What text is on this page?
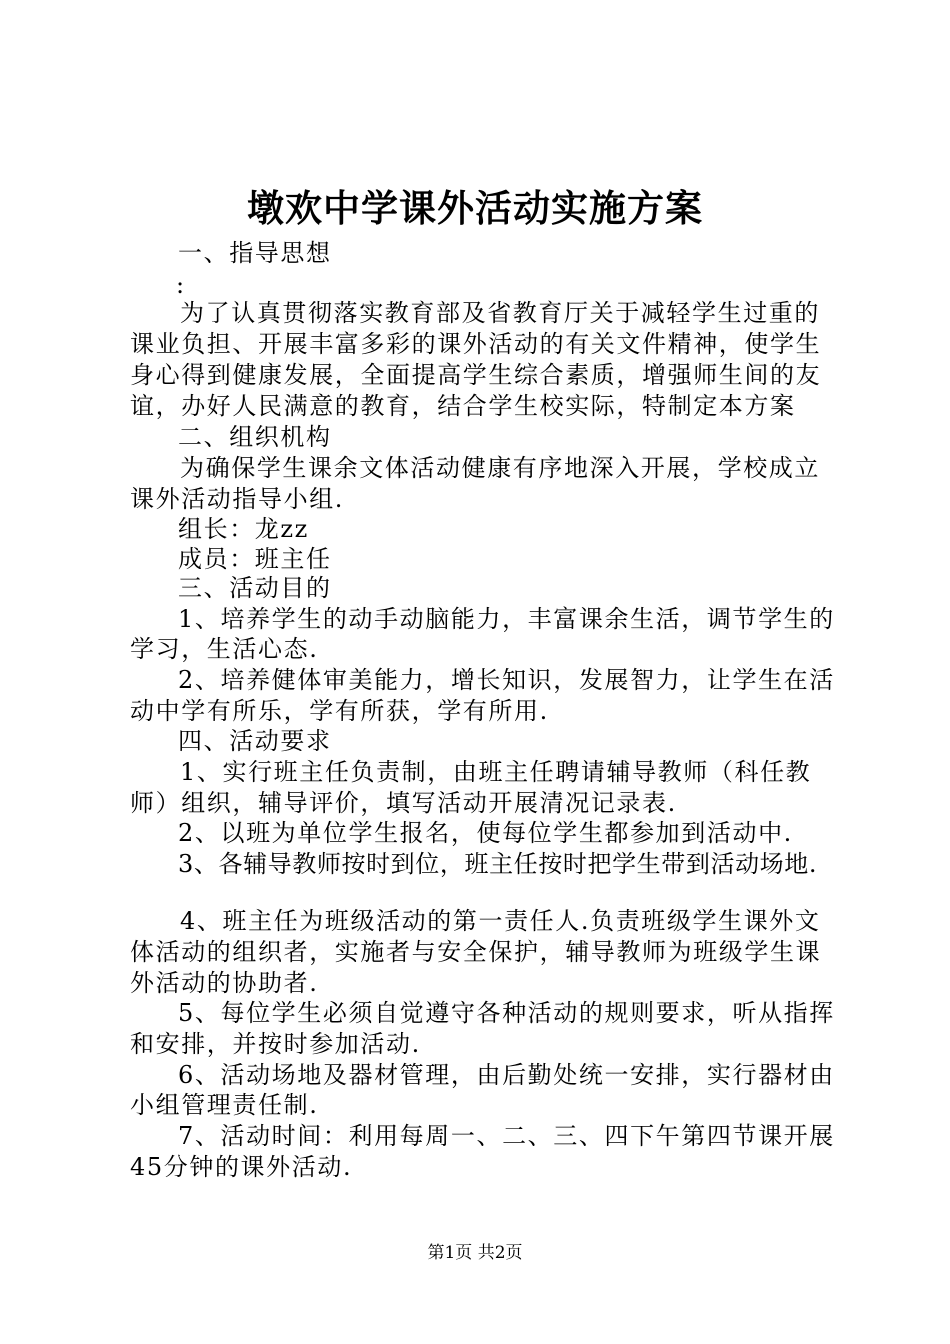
墩欢中学课外活动实施方案
一、指导思想
:
为了认真贯彻落实教育部及省教育厅关于减轻学生过重的
课业负担、开展丰富多彩的课外活动的有关文件精神，使学生
身心得到健康发展，全面提高学生综合素质，增强师生间的友
谊，办好人民满意的教育，结合学生校实际，特制定本方案
二、组织机构
为确保学生课余文体活动健康有序地深入开展，学校成立
课外活动指导小组.
组长：龙zz
成员：班主任
三、活动目的
1、培养学生的动手动脑能力，丰富课余生活，调节学生的
学习，生活心态.
2、培养健体审美能力，增长知识，发展智力，让学生在活
动中学有所乐，学有所获，学有所用.
四、活动要求
1、实行班主任负责制，由班主任聘请辅导教师（科任教
师）组织，辅导评价，填写活动开展清况记录表.
2、以班为单位学生报名，使每位学生都参加到活动中.
3、各辅导教师按时到位，班主任按时把学生带到活动场地.
4、班主任为班级活动的第一责任人.负责班级学生课外文
体活动的组织者，实施者与安全保护，辅导教师为班级学生课
外活动的协助者.
5、每位学生必须自觉遵守各种活动的规则要求，听从指挥
和安排，并按时参加活动.
6、活动场地及器材管理，由后勤处统一安排，实行器材由
小组管理责任制.
7、活动时间：利用每周一、二、三、四下午第四节课开展
45分钟的课外活动.
第1页 共2页
